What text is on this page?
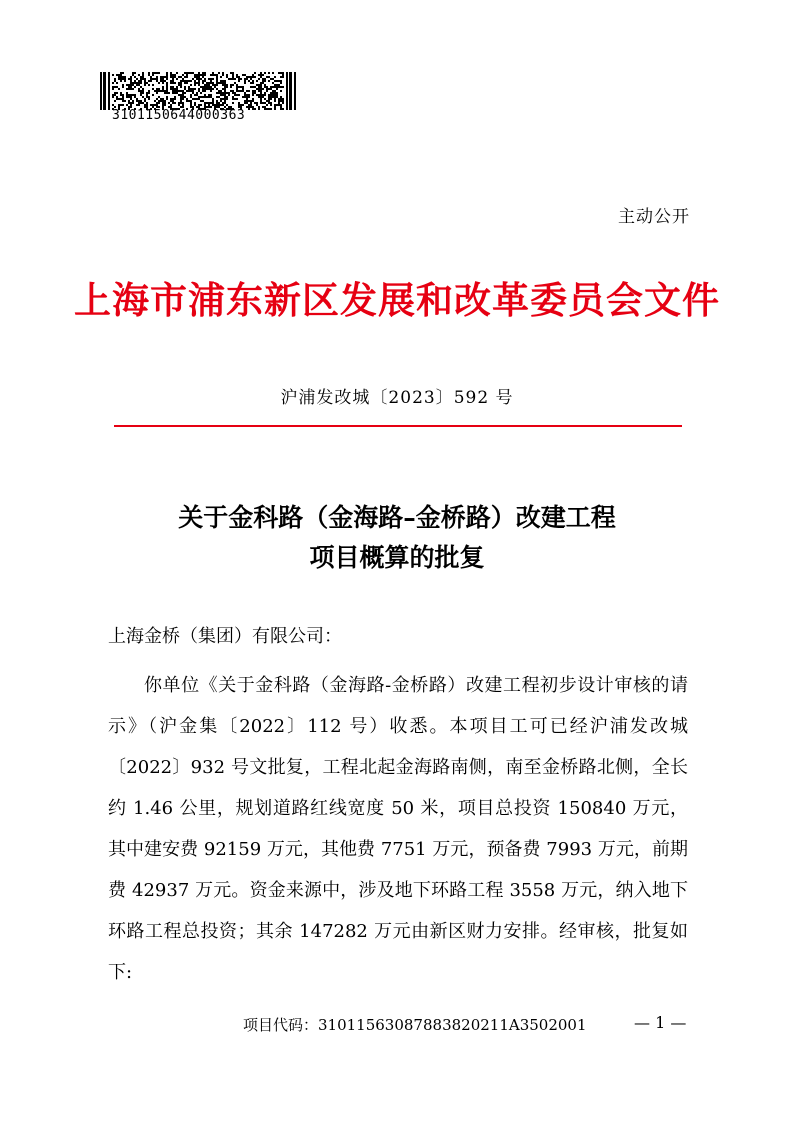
3101150644000363
主动公开
上海市浦东新区发展和改革委员会文件
沪浦发改城〔2023〕592 号
关于金科路（金海路–金桥路）改建工程
项目概算的批复
上海金桥（集团）有限公司：

你单位《关于金科路（金海路-金桥路）改建工程初步设计审核的请示》（沪金集〔2022〕112 号）收悉。本项目工可已经沪浦发改城〔2022〕932 号文批复，工程北起金海路南侧，南至金桥路北侧，全长约 1.46 公里，规划道路红线宽度 50 米，项目总投资 150840 万元，其中建安费 92159 万元，其他费 7751 万元，预备费 7993 万元，前期费 42937 万元。资金来源中，涉及地下环路工程 3558 万元，纳入地下环路工程总投资；其余 147282 万元由新区财力安排。经审核，批复如下:

项目代码：31011563087883820211A3502001	— 1 —
